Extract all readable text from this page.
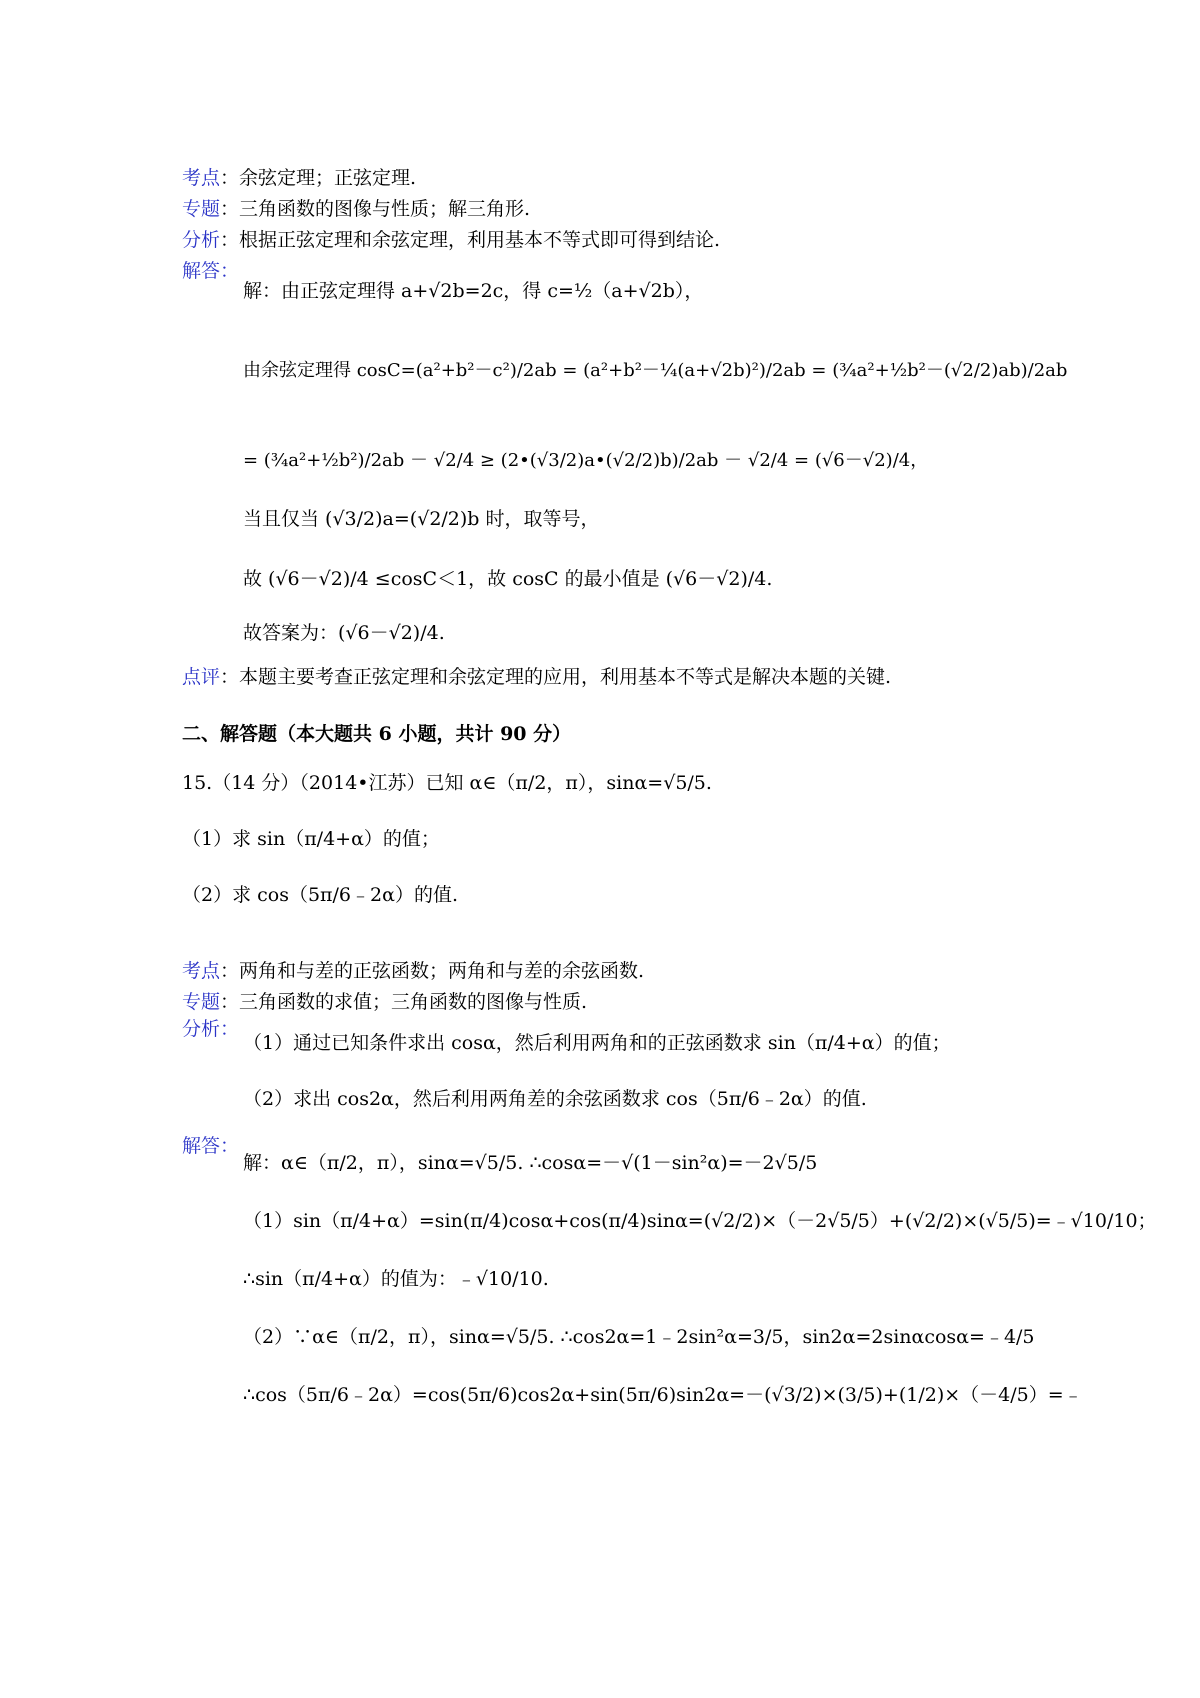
考点：余弦定理；正弦定理.
专题：三角函数的图像与性质；解三角形.
分析：根据正弦定理和余弦定理，利用基本不等式即可得到结论.
解答：
解：由正弦定理得 a+√2b=2c，得 c=½（a+√2b），
由余弦定理得 cosC=(a²+b²－c²)/2ab = (a²+b²－¼(a+√2b)²)/2ab = (¾a²+½b²－(√2/2)ab)/2ab
= (¾a²+½b²)/2ab － √2/4 ≥ (2•(√3/2)a•(√2/2)b)/2ab － √2/4 = (√6－√2)/4，
当且仅当 (√3/2)a=(√2/2)b 时，取等号，
故 (√6－√2)/4 ≤cosC＜1，故 cosC 的最小值是 (√6－√2)/4.
故答案为：(√6－√2)/4.
点评：本题主要考查正弦定理和余弦定理的应用，利用基本不等式是解决本题的关键.
二、解答题（本大题共 6 小题，共计 90 分）
15.（14 分）（2014•江苏）已知 α∈（π/2，π），sinα=√5/5.
（1）求 sin（π/4+α）的值；
（2）求 cos（5π/6﹣2α）的值.
考点：两角和与差的正弦函数；两角和与差的余弦函数.
专题：三角函数的求值；三角函数的图像与性质.
分析：
（1）通过已知条件求出 cosα，然后利用两角和的正弦函数求 sin（π/4+α）的值；
（2）求出 cos2α，然后利用两角差的余弦函数求 cos（5π/6﹣2α）的值.
解答：
解：α∈（π/2，π），sinα=√5/5. ∴cosα=－√(1－sin²α)=－2√5/5
（1）sin（π/4+α）=sin(π/4)cosα+cos(π/4)sinα=(√2/2)×（－2√5/5）+(√2/2)×(√5/5)=﹣√10/10；
∴sin（π/4+α）的值为：﹣√10/10.
（2）∵α∈（π/2，π），sinα=√5/5. ∴cos2α=1﹣2sin²α=3/5，sin2α=2sinαcosα=﹣4/5
∴cos（5π/6﹣2α）=cos(5π/6)cos2α+sin(5π/6)sin2α=－(√3/2)×(3/5)+(1/2)×（－4/5）=﹣
